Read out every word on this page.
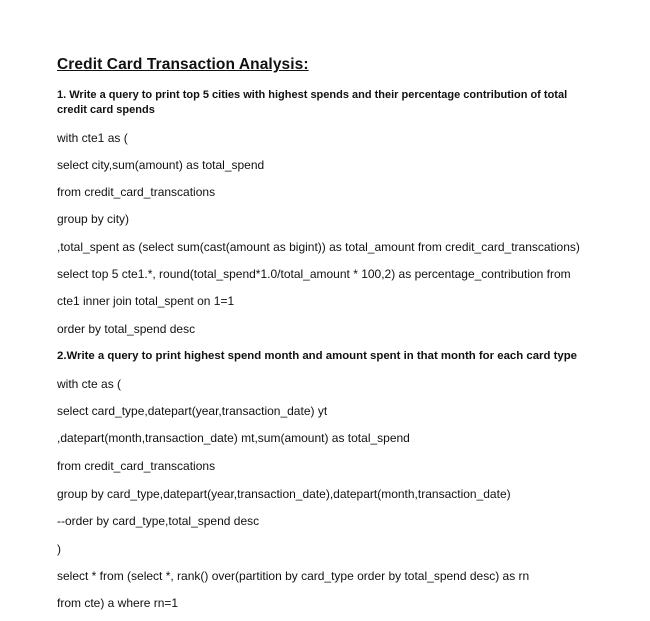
Credit Card Transaction Analysis:
1. Write a query to print top 5 cities with highest spends and their percentage contribution of total credit card spends
with cte1 as (
select city,sum(amount) as total_spend
from credit_card_transcations
group by city)
,total_spent as (select sum(cast(amount as bigint)) as total_amount from credit_card_transcations)
select top 5 cte1.*, round(total_spend*1.0/total_amount * 100,2) as percentage_contribution from
cte1 inner join total_spent on 1=1
order by total_spend desc
2.Write a query to print highest spend month and amount spent in that month for each card type
with cte as (
select card_type,datepart(year,transaction_date) yt
,datepart(month,transaction_date) mt,sum(amount) as total_spend
from credit_card_transcations
group by card_type,datepart(year,transaction_date),datepart(month,transaction_date)
--order by card_type,total_spend desc
)
select * from (select *, rank() over(partition by card_type order by total_spend desc) as rn
from cte) a where rn=1
